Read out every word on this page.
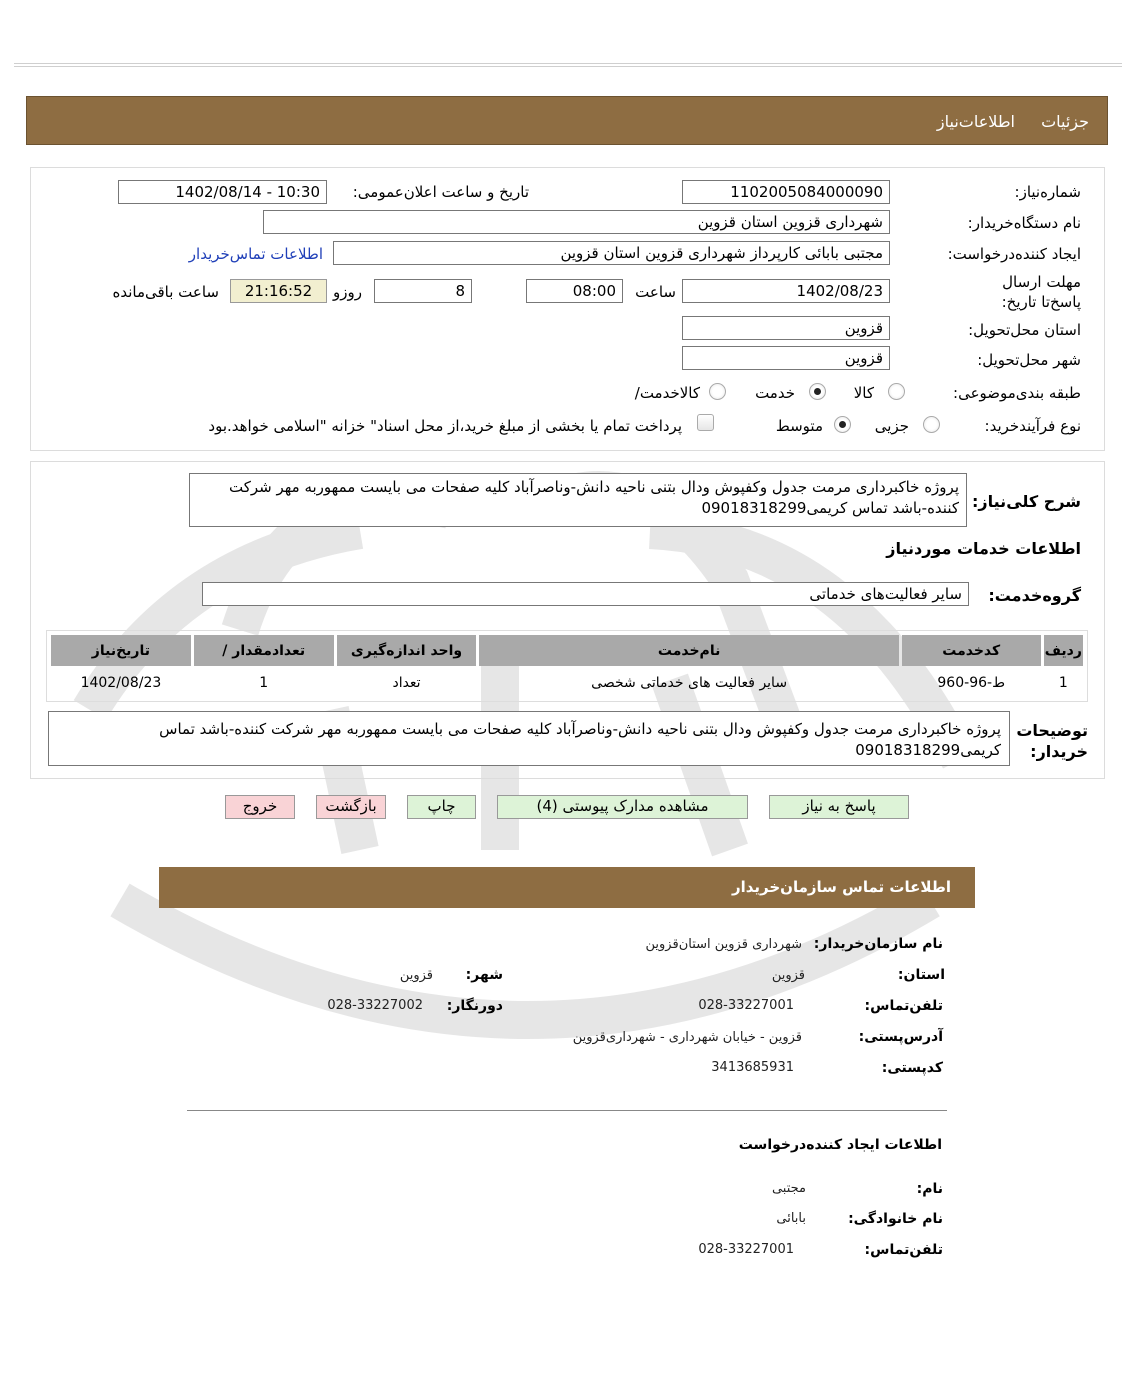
جزئیات
اطلاعات‌نیاز
شماره‌نیاز:
1102005084000090
تاریخ و ساعت اعلان‌عمومی:
1402/08/14 - 10:30
نام دستگاه‌خریدار:
شهرداری قزوین استان قزوین
ایجاد کننده‌درخواست:
مجتبی بابائی کارپرداز شهرداری قزوین استان قزوین
اطلاعات تماس‌خریدار
مهلت ارسال پاسخ‌تا تاریخ:
1402/08/23
ساعت
08:00
8
روزو
21:16:52
ساعت باقی‌مانده
استان محل‌تحویل:
قزوین
شهر محل‌تحویل:
قزوین
طبقه بندی‌موضوعی:
کالا
خدمت
کالا‌خدمت/
نوع فرآیند‌خرید:
جزیی
متوسط
پرداخت تمام یا بخشی از مبلغ خرید،از محل اسناد" خزانه "اسلامی خواهد.بود
شرح کلی‌نیاز:
پروژه خاکبرداری مرمت جدول وکفپوش ودال بتنی ناحیه دانش-وناصرآباد کلیه صفحات می بایست ممهوربه مهر شرکت کننده-باشد تماس کریمی09018318299
اطلاعات خدمات موردنیاز
گروه‌خدمت:
سایر فعالیت‌های خدماتی
ردیف	کدخدمت	نام‌خدمت	واحد اندازه‌گیری	تعدادمقدار /	تاریخ‌نیاز
1	ط-96-960	سایر فعالیت های خدماتی شخصی	تعداد	1	1402/08/23
توضیحات خریدار:
پروژه خاکبرداری مرمت جدول وکفپوش ودال بتنی ناحیه دانش-وناصرآباد کلیه صفحات می بایست ممهوربه مهر شرکت کننده-باشد تماس کریمی09018318299
پاسخ به نیاز
مشاهده مدارک پیوستی (4)
چاپ
بازگشت
خروج
اطلاعات تماس سازمان‌خریدار
نام سازمان‌خریدار:
شهرداری قزوین استان‌قزوین
استان:
قزوین
شهر:
قزوین
تلفن‌تماس:
028-33227001
دورنگار:
028-33227002
آدرس‌پستی:
قزوین - خیابان شهرداری - شهرداری‌قزوین
کد‌پستی:
3413685931
اطلاعات ایجاد کننده‌درخواست
نام:
مجتبی
نام خانوادگی:
بابائی
تلفن‌تماس:
028-33227001
